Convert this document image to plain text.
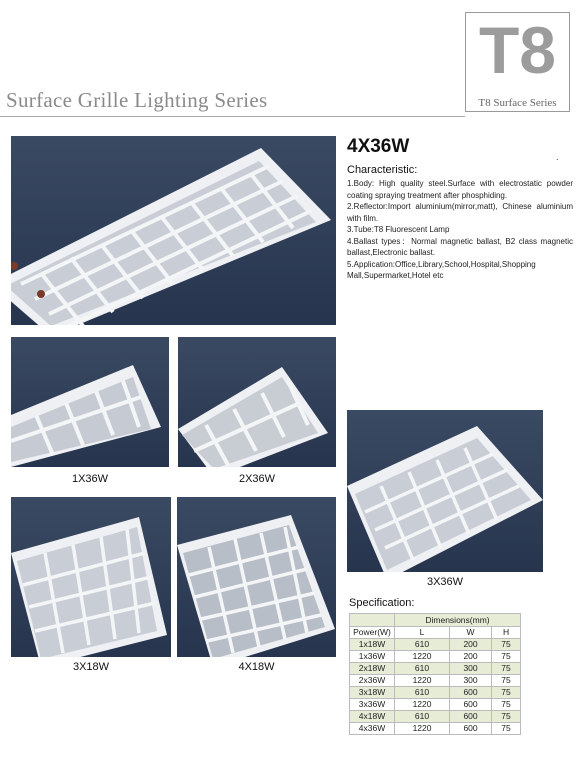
T8
T8 Surface Series
Surface Grille Lighting Series
1X36W	2X36W
3X36W
3X18W	4X18W
4X36W	.
Characteristic:

1.Body: High quality steel.Surface with electrostatic powder coating spraying treatment after phosphiding.

2.Reflector:Import aluminium(mirror,matt), Chinese aluminium with film.

3.Tube:T8 Fluorescent Lamp

4.Ballast types：Normal magnetic ballast, B2 class magnetic ballast,Electronic ballast.

5.Application:Office,Library,School,Hospital,Shopping Mall,Supermarket,Hotel etc

Specification:
	Dimensions(mm)		
Power(W)	L	W	H
1x18W	610	200	75
1x36W	1220	200	75
2x18W	610	300	75
2x36W	1220	300	75
3x18W	610	600	75
3x36W	1220	600	75
4x18W	610	600	75
4x36W	1220	600	75
